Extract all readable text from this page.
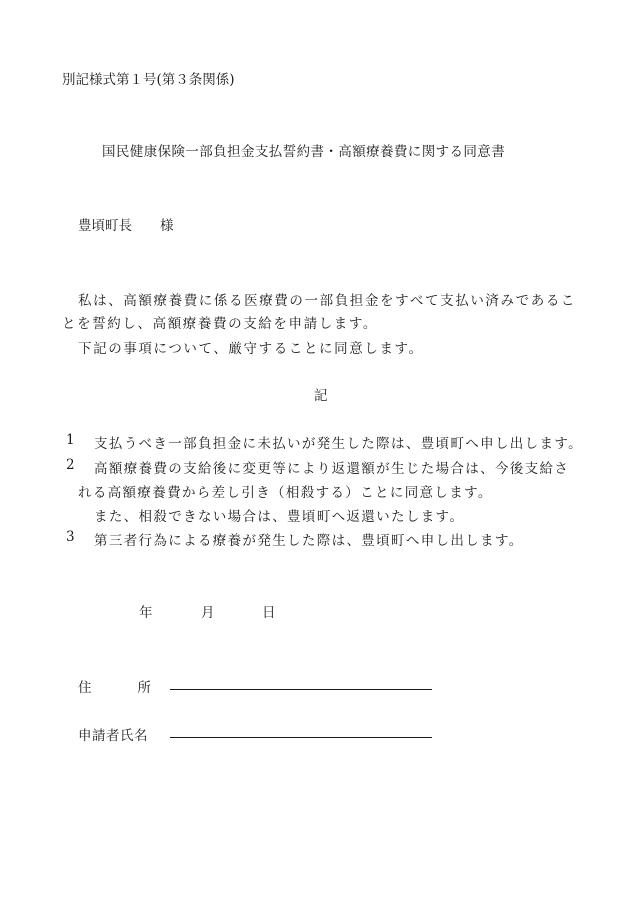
別記様式第１号(第３条関係)
国民健康保険一部負担金支払誓約書・高額療養費に関する同意書
豊頃町長 様
私は、高額療養費に係る医療費の一部負担金をすべて支払い済みであるこ
とを誓約し、高額療養費の支給を申請します。
下記の事項について、厳守することに同意します。
記
1 支払うべき一部負担金に未払いが発生した際は、豊頃町へ申し出します。
2 高額療養費の支給後に変更等により返還額が生じた場合は、今後支給さ
れる高額療養費から差し引き（相殺する）ことに同意します。
また、相殺できない場合は、豊頃町へ返還いたします。
3 第三者行為による療養が発生した際は、豊頃町へ申し出します。
年	月	日
住	所
申請者氏名
